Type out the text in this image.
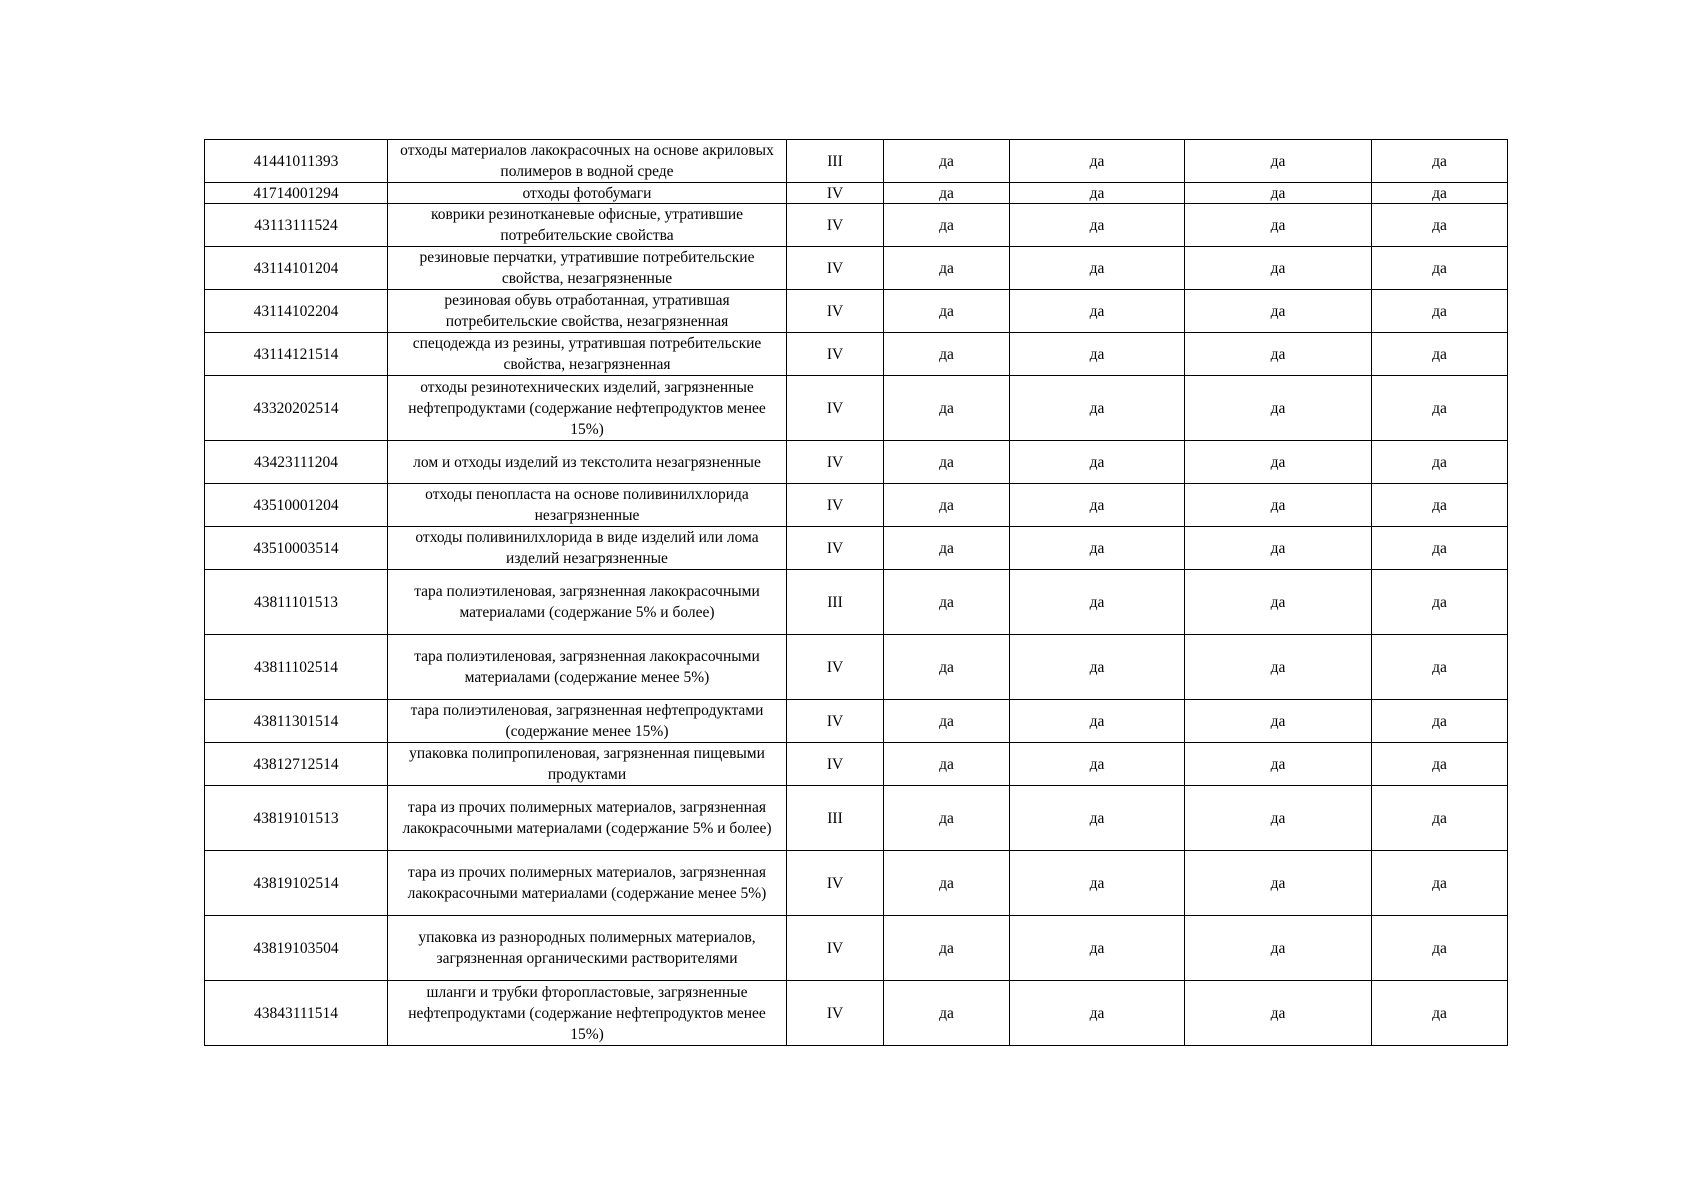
41441011393	отходы материалов лакокрасочных на основе акриловых полимеров в водной среде	III	да	да	да	да
41714001294	отходы фотобумаги	IV	да	да	да	да
43113111524	коврики резинотканевые офисные, утратившие потребительские свойства	IV	да	да	да	да
43114101204	резиновые перчатки, утратившие потребительские свойства, незагрязненные	IV	да	да	да	да
43114102204	резиновая обувь отработанная, утратившая потребительские свойства, незагрязненная	IV	да	да	да	да
43114121514	спецодежда из резины, утратившая потребительские свойства, незагрязненная	IV	да	да	да	да
43320202514	отходы резинотехнических изделий, загрязненные нефтепродуктами (содержание нефтепродуктов менее 15%)	IV	да	да	да	да
43423111204	лом и отходы изделий из текстолита незагрязненные	IV	да	да	да	да
43510001204	отходы пенопласта на основе поливинилхлорида незагрязненные	IV	да	да	да	да
43510003514	отходы поливинилхлорида в виде изделий или лома изделий незагрязненные	IV	да	да	да	да
43811101513	тара полиэтиленовая, загрязненная лакокрасочными материалами (содержание 5% и более)	III	да	да	да	да
43811102514	тара полиэтиленовая, загрязненная лакокрасочными материалами (содержание менее 5%)	IV	да	да	да	да
43811301514	тара полиэтиленовая, загрязненная нефтепродуктами (содержание менее 15%)	IV	да	да	да	да
43812712514	упаковка полипропиленовая, загрязненная пищевыми продуктами	IV	да	да	да	да
43819101513	тара из прочих полимерных материалов, загрязненная лакокрасочными материалами (содержание 5% и более)	III	да	да	да	да
43819102514	тара из прочих полимерных материалов, загрязненная лакокрасочными материалами (содержание менее 5%)	IV	да	да	да	да
43819103504	упаковка из разнородных полимерных материалов, загрязненная органическими растворителями	IV	да	да	да	да
43843111514	шланги и трубки фторопластовые, загрязненные нефтепродуктами (содержание нефтепродуктов менее 15%)	IV	да	да	да	да
